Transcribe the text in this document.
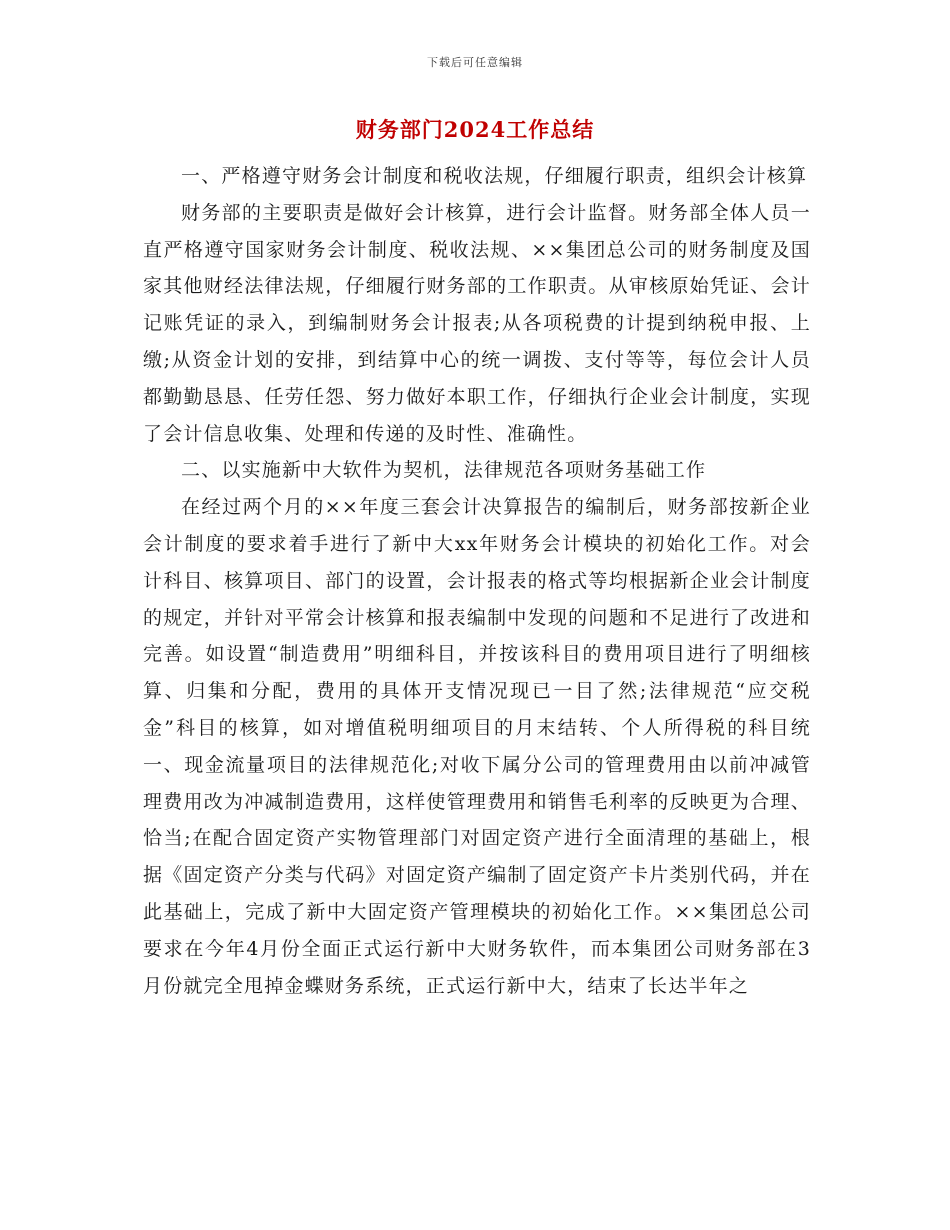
下载后可任意编辑
财务部门2024工作总结

一、严格遵守财务会计制度和税收法规，仔细履行职责，组织会计核算

财务部的主要职责是做好会计核算，进行会计监督。财务部全体人员一直严格遵守国家财务会计制度、税收法规、××集团总公司的财务制度及国家其他财经法律法规，仔细履行财务部的工作职责。从审核原始凭证、会计记账凭证的录入，到编制财务会计报表;从各项税费的计提到纳税申报、上缴;从资金计划的安排，到结算中心的统一调拨、支付等等，每位会计人员都勤勤恳恳、任劳任怨、努力做好本职工作，仔细执行企业会计制度，实现了会计信息收集、处理和传递的及时性、准确性。

二、以实施新中大软件为契机，法律规范各项财务基础工作

在经过两个月的××年度三套会计决算报告的编制后，财务部按新企业会计制度的要求着手进行了新中大xx年财务会计模块的初始化工作。对会计科目、核算项目、部门的设置，会计报表的格式等均根据新企业会计制度的规定，并针对平常会计核算和报表编制中发现的问题和不足进行了改进和完善。如设置“制造费用”明细科目，并按该科目的费用项目进行了明细核算、归集和分配，费用的具体开支情况现已一目了然;法律规范“应交税金”科目的核算，如对增值税明细项目的月末结转、个人所得税的科目统一、现金流量项目的法律规范化;对收下属分公司的管理费用由以前冲减管理费用改为冲减制造费用，这样使管理费用和销售毛利率的反映更为合理、恰当;在配合固定资产实物管理部门对固定资产进行全面清理的基础上，根据《固定资产分类与代码》对固定资产编制了固定资产卡片类别代码，并在此基础上，完成了新中大固定资产管理模块的初始化工作。××集团总公司要求在今年4月份全面正式运行新中大财务软件，而本集团公司财务部在3月份就完全甩掉金蝶财务系统，正式运行新中大，结束了长达半年之
